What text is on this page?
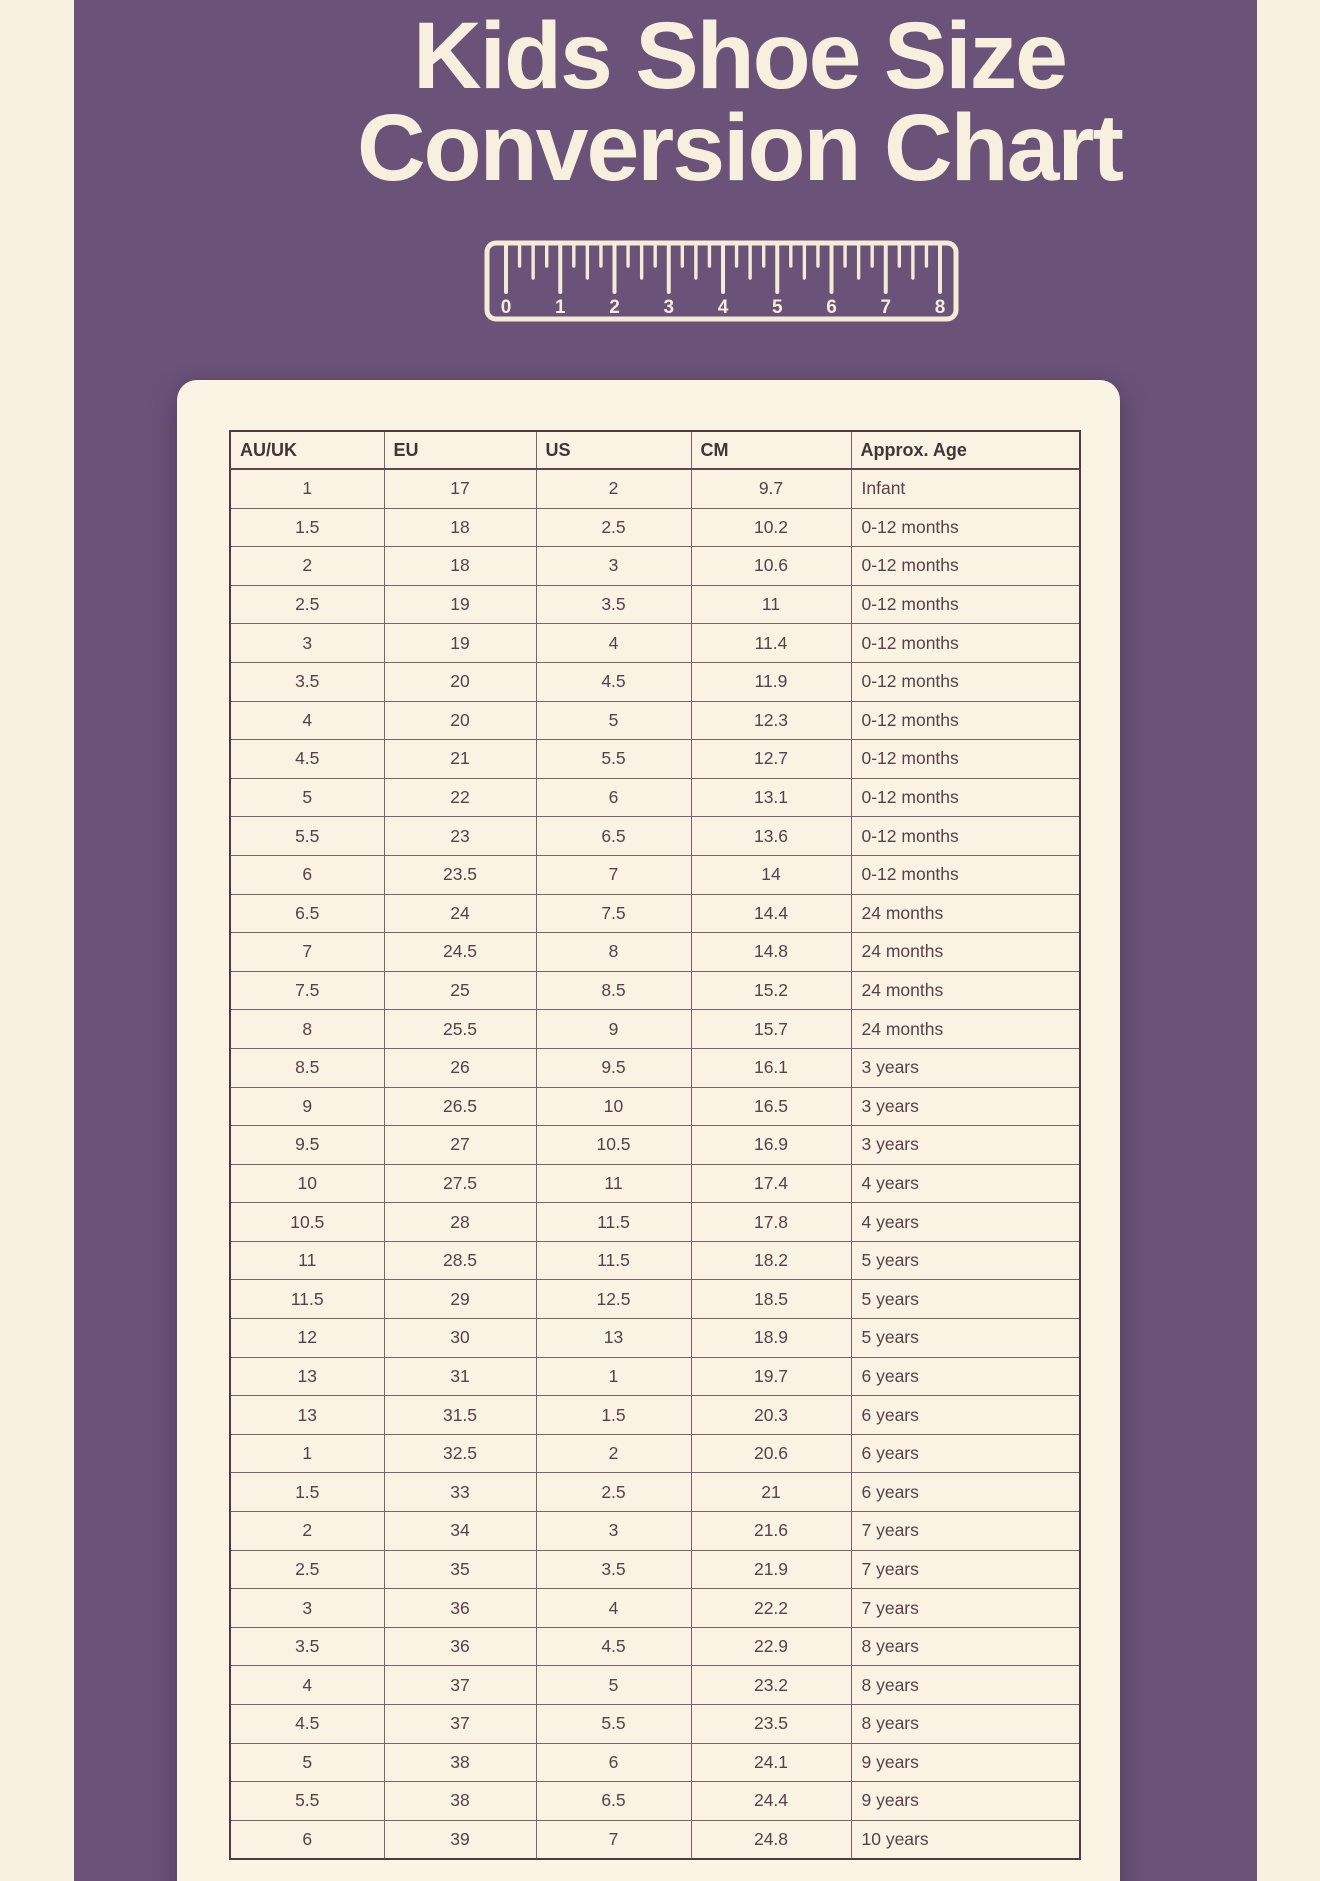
Kids Shoe Size
Conversion Chart
0 1 2 3 4 5 6 7 8
AU/UK	EU	US	CM	Approx. Age
1	17	2	9.7	Infant
1.5	18	2.5	10.2	0-12 months
2	18	3	10.6	0-12 months
2.5	19	3.5	11	0-12 months
3	19	4	11.4	0-12 months
3.5	20	4.5	11.9	0-12 months
4	20	5	12.3	0-12 months
4.5	21	5.5	12.7	0-12 months
5	22	6	13.1	0-12 months
5.5	23	6.5	13.6	0-12 months
6	23.5	7	14	0-12 months
6.5	24	7.5	14.4	24 months
7	24.5	8	14.8	24 months
7.5	25	8.5	15.2	24 months
8	25.5	9	15.7	24 months
8.5	26	9.5	16.1	3 years
9	26.5	10	16.5	3 years
9.5	27	10.5	16.9	3 years
10	27.5	11	17.4	4 years
10.5	28	11.5	17.8	4 years
11	28.5	11.5	18.2	5 years
11.5	29	12.5	18.5	5 years
12	30	13	18.9	5 years
13	31	1	19.7	6 years
13	31.5	1.5	20.3	6 years
1	32.5	2	20.6	6 years
1.5	33	2.5	21	6 years
2	34	3	21.6	7 years
2.5	35	3.5	21.9	7 years
3	36	4	22.2	7 years
3.5	36	4.5	22.9	8 years
4	37	5	23.2	8 years
4.5	37	5.5	23.5	8 years
5	38	6	24.1	9 years
5.5	38	6.5	24.4	9 years
6	39	7	24.8	10 years
